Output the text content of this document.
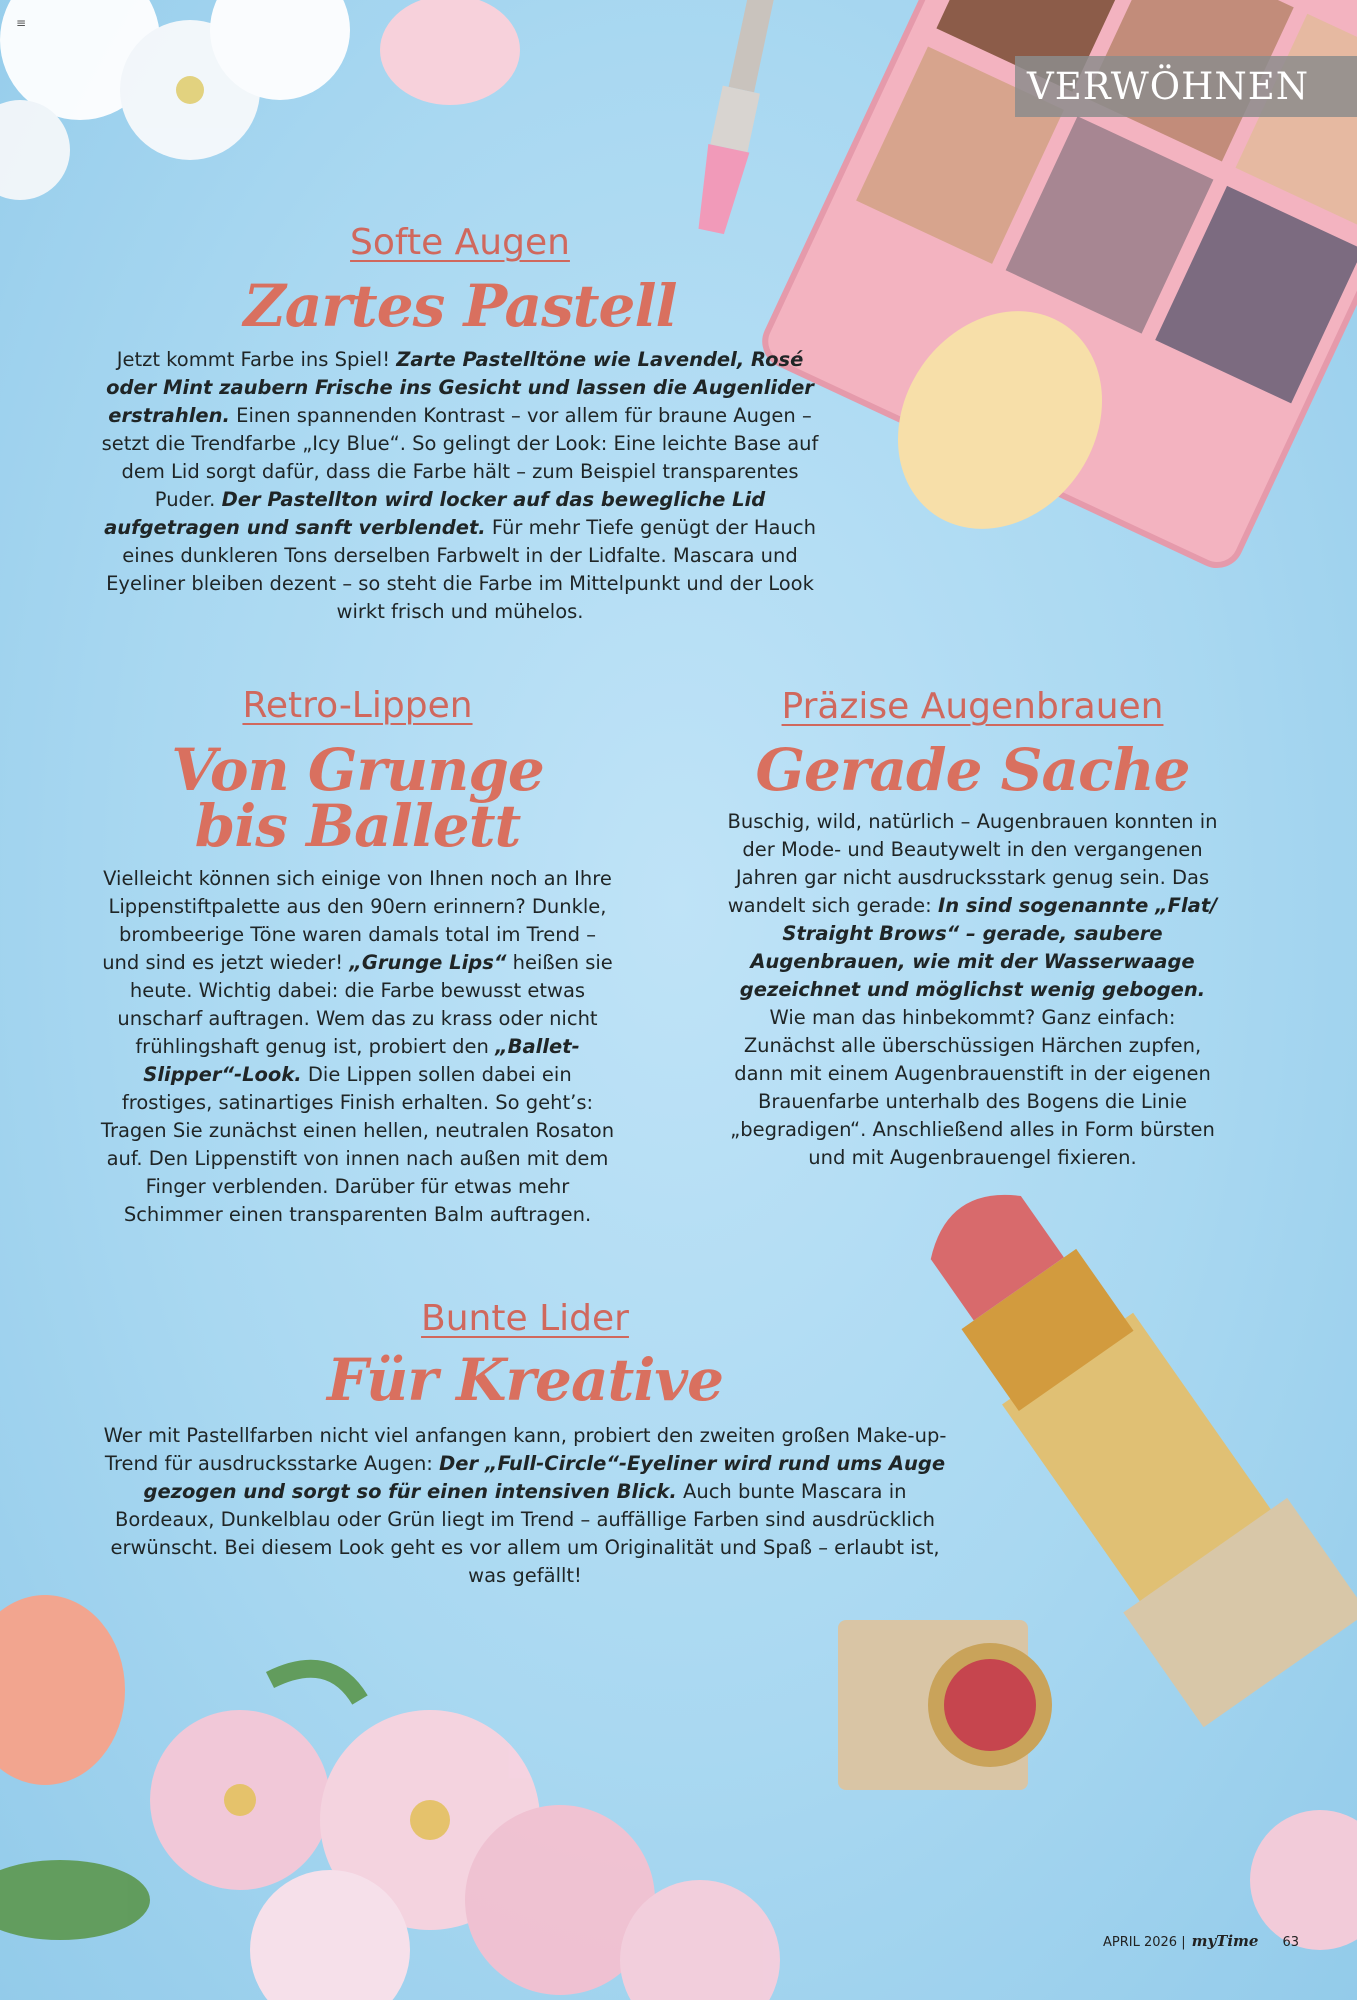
≡
VERWÖHNEN
Softe Augen
Zartes Pastell

Jetzt kommt Farbe ins Spiel! Zarte Pastelltöne wie Lavendel, Rosé oder Mint zaubern Frische ins Gesicht und lassen die Augenlider erstrahlen. Einen spannenden Kontrast – vor allem für braune Augen – setzt die Trendfarbe „Icy Blue“. So gelingt der Look: Eine leichte Base auf dem Lid sorgt dafür, dass die Farbe hält – zum Beispiel transparentes Puder. Der Pastellton wird locker auf das bewegliche Lid aufgetragen und sanft verblendet. Für mehr Tiefe genügt der Hauch eines dunkleren Tons derselben Farbwelt in der Lidfalte. Mascara und Eyeliner bleiben dezent – so steht die Farbe im Mittelpunkt und der Look wirkt frisch und mühelos.

Retro-Lippen
Von Grunge
bis Ballett

Vielleicht können sich einige von Ihnen noch an Ihre Lippenstiftpalette aus den 90ern erinnern? Dunkle, brombeerige Töne waren damals total im Trend – und sind es jetzt wieder! „Grunge Lips“ heißen sie heute. Wichtig dabei: die Farbe bewusst etwas unscharf auftragen. Wem das zu krass oder nicht frühlingshaft genug ist, probiert den „Ballet-Slipper“-Look. Die Lippen sollen dabei ein frostiges, satinartiges Finish erhalten. So geht’s: Tragen Sie zunächst einen hellen, neutralen Rosaton auf. Den Lippenstift von innen nach außen mit dem Finger verblenden. Darüber für etwas mehr Schimmer einen transparenten Balm auftragen.

Präzise Augenbrauen
Gerade Sache

Buschig, wild, natürlich – Augenbrauen konnten in der Mode- und Beautywelt in den vergangenen Jahren gar nicht ausdrucksstark genug sein. Das wandelt sich gerade: In sind sogenannte „Flat/ Straight Brows“ – gerade, saubere Augenbrauen, wie mit der Wasserwaage gezeichnet und möglichst wenig gebogen. Wie man das hinbekommt? Ganz einfach: Zunächst alle überschüssigen Härchen zupfen, dann mit einem Augenbrauenstift in der eigenen Brauenfarbe unterhalb des Bogens die Linie „begradigen“. Anschließend alles in Form bürsten und mit Augenbrauengel fixieren.

Bunte Lider
Für Kreative

Wer mit Pastellfarben nicht viel anfangen kann, probiert den zweiten großen Make-up-Trend für ausdrucksstarke Augen: Der „Full-Circle“-Eyeliner wird rund ums Auge gezogen und sorgt so für einen intensiven Blick. Auch bunte Mascara in Bordeaux, Dunkelblau oder Grün liegt im Trend – auffällige Farben sind ausdrücklich erwünscht. Bei diesem Look geht es vor allem um Originalität und Spaß – erlaubt ist, was gefällt!

APRIL 2026 | myTime 63
